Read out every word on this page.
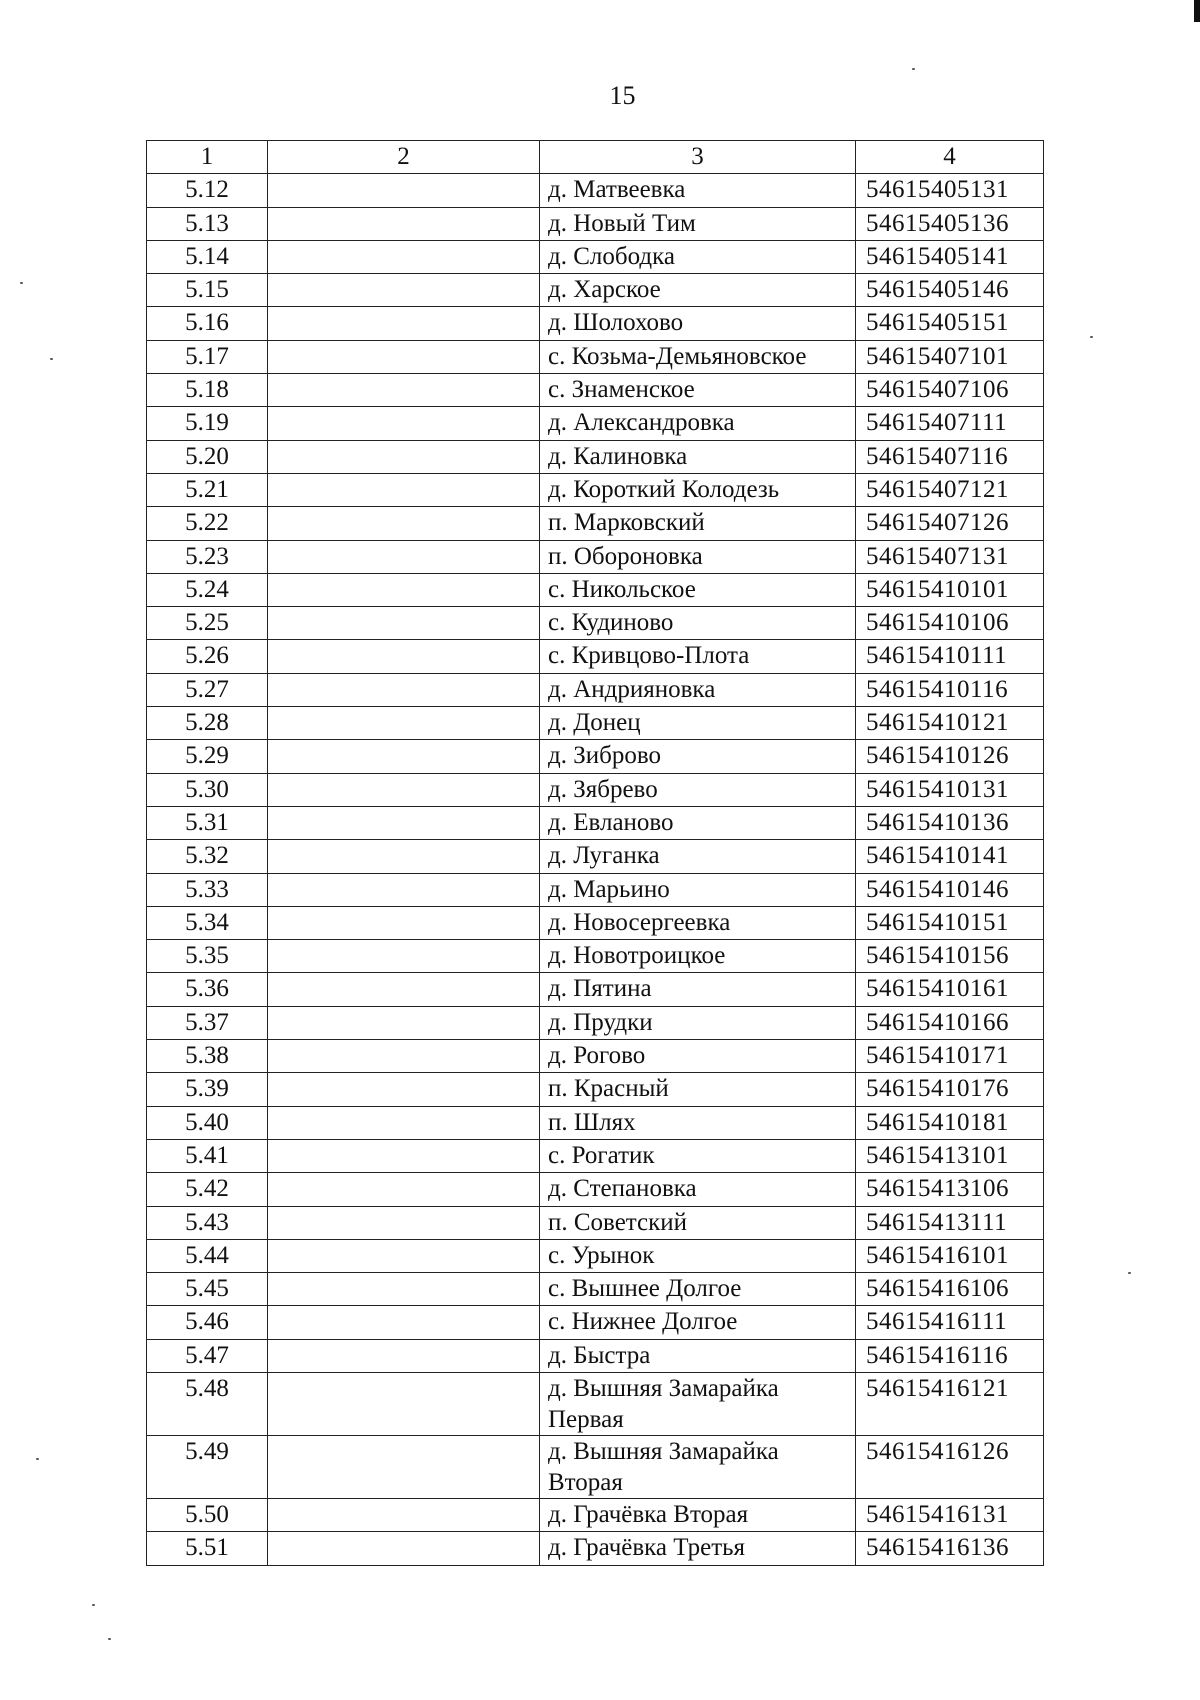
15
1	2	3	4
5.12		д. Матвеевка	54615405131
5.13		д. Новый Тим	54615405136
5.14		д. Слободка	54615405141
5.15		д. Харское	54615405146
5.16		д. Шолохово	54615405151
5.17		с. Козьма-Демьяновское	54615407101
5.18		с. Знаменское	54615407106
5.19		д. Александровка	54615407111
5.20		д. Калиновка	54615407116
5.21		д. Короткий Колодезь	54615407121
5.22		п. Марковский	54615407126
5.23		п. Обороновка	54615407131
5.24		с. Никольское	54615410101
5.25		с. Кудиново	54615410106
5.26		с. Кривцово-Плота	54615410111
5.27		д. Андрияновка	54615410116
5.28		д. Донец	54615410121
5.29		д. Зиброво	54615410126
5.30		д. Зябрево	54615410131
5.31		д. Евланово	54615410136
5.32		д. Луганка	54615410141
5.33		д. Марьино	54615410146
5.34		д. Новосергеевка	54615410151
5.35		д. Новотроицкое	54615410156
5.36		д. Пятина	54615410161
5.37		д. Прудки	54615410166
5.38		д. Рогово	54615410171
5.39		п. Красный	54615410176
5.40		п. Шлях	54615410181
5.41		с. Рогатик	54615413101
5.42		д. Степановка	54615413106
5.43		п. Советский	54615413111
5.44		с. Урынок	54615416101
5.45		с. Вышнее Долгое	54615416106
5.46		с. Нижнее Долгое	54615416111
5.47		д. Быстра	54615416116
5.48		д. Вышняя Замарайка Первая	54615416121
5.49		д. Вышняя Замарайка Вторая	54615416126
5.50		д. Грачёвка Вторая	54615416131
5.51		д. Грачёвка Третья	54615416136
